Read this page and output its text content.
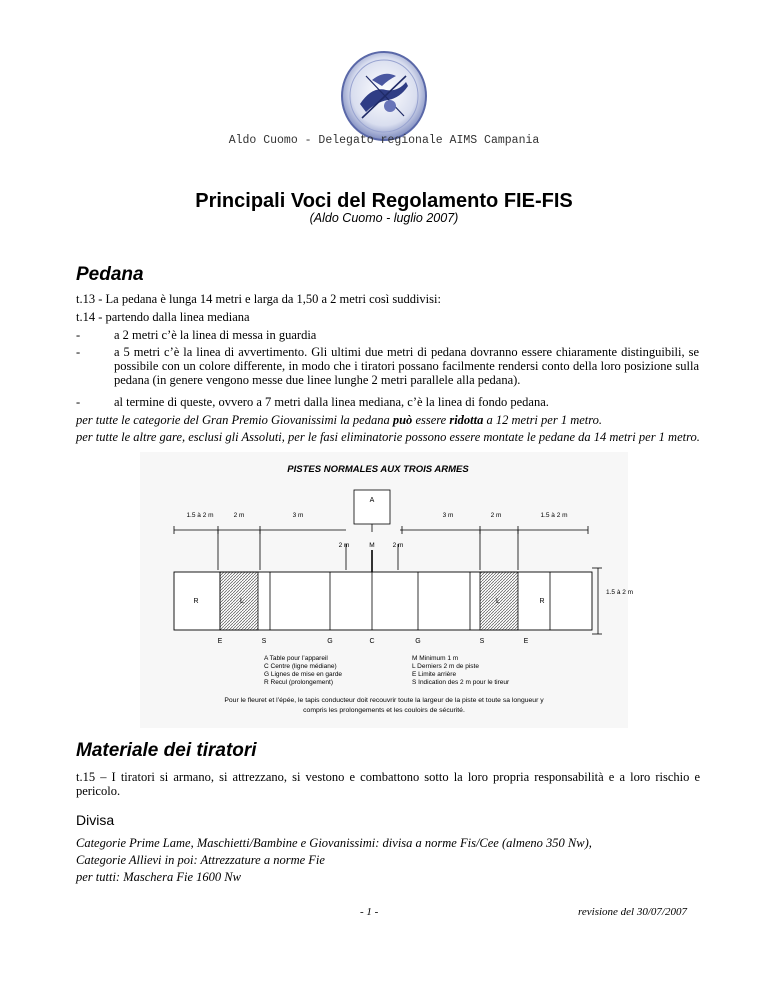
Aldo Cuomo - Delegato regionale AIMS Campania
Principali Voci del Regolamento FIE-FIS
(Aldo Cuomo - luglio 2007)
Pedana
t.13 - La pedana è lunga 14 metri e larga da 1,50 a 2 metri così suddivisi:
t.14 - partendo dalla linea mediana
-	a 2 metri c’è la linea di messa in guardia
-	a 5 metri c’è la linea di avvertimento. Gli ultimi due metri di pedana dovranno essere chiaramente distinguibili, se possibile con un colore differente, in modo che i tiratori possano facilmente rendersi conto della loro posizione sulla pedana (in genere vengono messe due linee lunghe 2 metri parallele alla pedana).
-	al termine di queste, ovvero a 7 metri dalla linea mediana, c’è la linea di fondo pedana.
per tutte le categorie del Gran Premio Giovanissimi la pedana può essere ridotta a 12 metri per 1 metro.
per tutte le altre gare, esclusi gli Assoluti, per le fasi eliminatorie possono essere montate le pedane da 14 metri per 1 metro.
PISTES NORMALES AUX TROIS ARMES
A
1.5 à 2 m	2 m	3 m	3 m	2 m	1.5 à 2 m
2 m	M	2 m
1.5 à 2 m
R	L	L	R
E	S	G	C	G	S	E
A Table pour l’appareil
C Centre (ligne médiane)
G Lignes de mise en garde
R Recul (prolongement)
M Minimum 1 m
L Derniers 2 m de piste
E Limite arrière
S Indication des 2 m pour le tireur
Pour le fleuret et l’épée, le tapis conducteur doit recouvrir toute la largeur de la piste et toute sa longueur y
compris les prolongements et les couloirs de sécurité.
Materiale dei tiratori
t.15 – I tiratori si armano, si attrezzano, si vestono e combattono sotto la loro propria responsabilità e a loro rischio e pericolo.
Divisa
Categorie Prime Lame, Maschietti/Bambine e Giovanissimi: divisa a norme Fis/Cee (almeno 350 Nw),
Categorie Allievi in poi: Attrezzature a norme Fie
per tutti: Maschera Fie 1600 Nw
- 1 -	revisione del 30/07/2007
